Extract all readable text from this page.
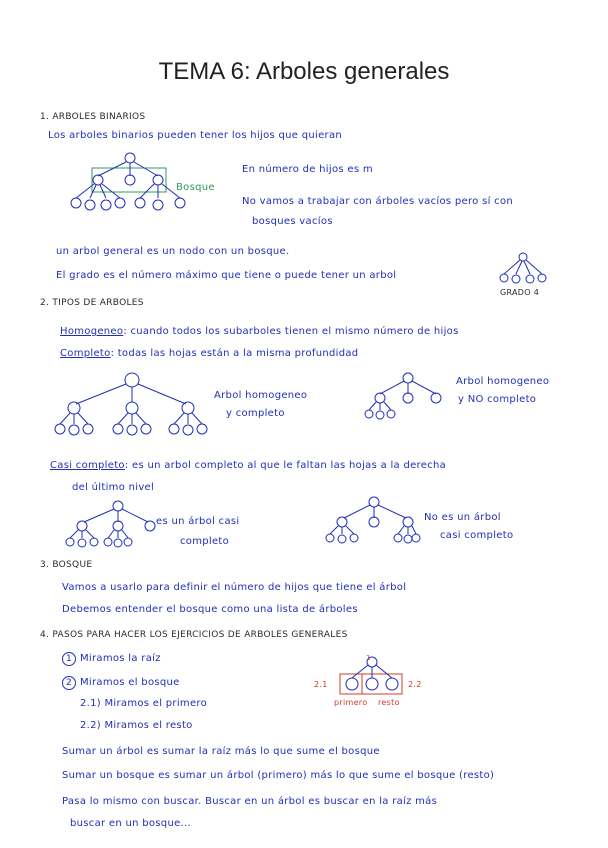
TEMA 6: Arboles generales
1. ARBOLES BINARIOS
Los arboles binarios pueden tener los hijos que quieran
Bosque
En número de hijos es m
No vamos a trabajar con árboles vacíos pero sí con
bosques vacíos
un arbol general es un nodo con un bosque.
El grado es el número máximo que tiene o puede tener un arbol
GRADO 4
2. TIPOS DE ARBOLES
Homogeneo: cuando todos los subarboles tienen el mismo número de hijos
Completo: todas las hojas están a la misma profundidad
Arbol homogeneo
y completo
Arbol homogeneo
y NO completo
Casi completo: es un arbol completo al que le faltan las hojas a la derecha
del último nivel
es un árbol casi
completo
No es un árbol
casi completo
3. BOSQUE
Vamos a usarlo para definir el número de hijos que tiene el árbol
Debemos entender el bosque como una lista de árboles
4. PASOS PARA HACER LOS EJERCICIOS DE ARBOLES GENERALES
1 Miramos la raíz
2 Miramos el bosque
2.1) Miramos el primero
2.2) Miramos el resto
1
2.1	2.2
primero resto
Sumar un árbol es sumar la raíz más lo que sume el bosque
Sumar un bosque es sumar un árbol (primero) más lo que sume el bosque (resto)
Pasa lo mismo con buscar. Buscar en un árbol es buscar en la raíz más
buscar en un bosque...
